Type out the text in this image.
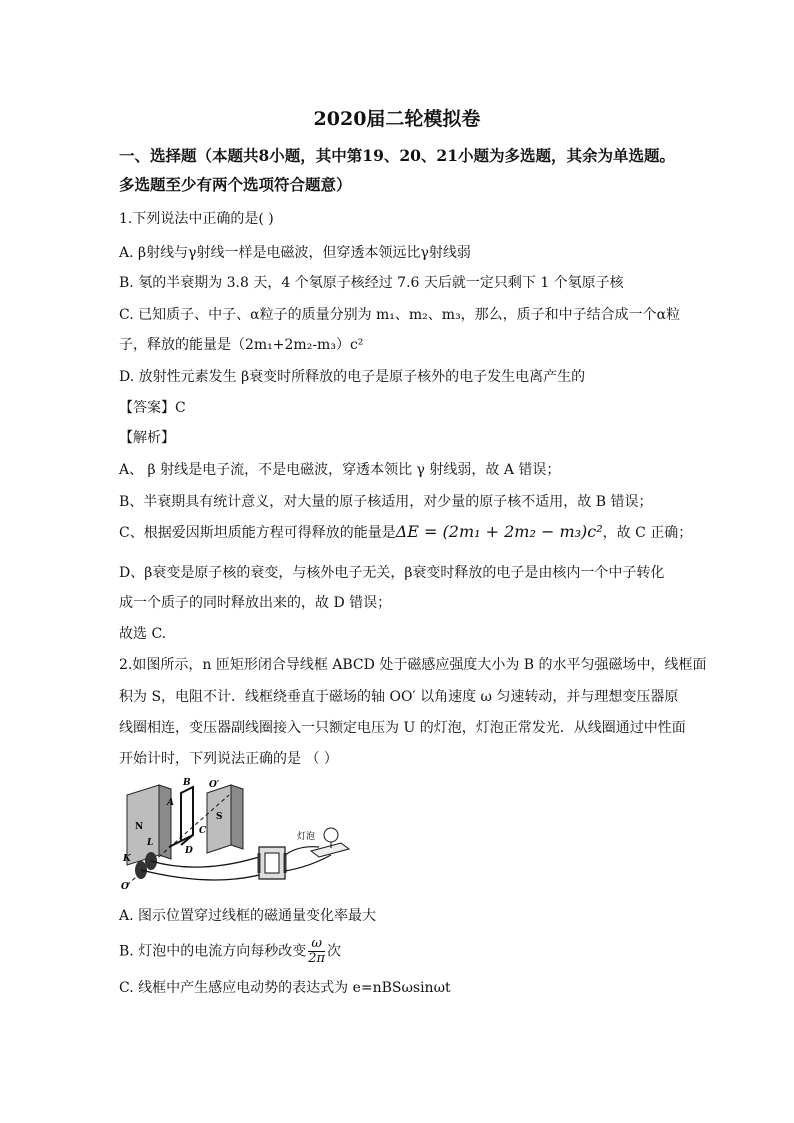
2020届二轮模拟卷
一、选择题（本题共8小题，其中第19、20、21小题为多选题，其余为单选题。多选题至少有两个选项符合题意）
1.下列说法中正确的是( )
A. β射线与γ射线一样是电磁波，但穿透本领远比γ射线弱
B. 氡的半衰期为 3.8 天，4 个氡原子核经过 7.6 天后就一定只剩下 1 个氡原子核
C. 已知质子、中子、α粒子的质量分别为 m₁、m₂、m₃，那么，质子和中子结合成一个α粒
子，释放的能量是（2m₁+2m₂-m₃）c²
D. 放射性元素发生 β衰变时所释放的电子是原子核外的电子发生电离产生的
【答案】C
【解析】
A、 β 射线是电子流，不是电磁波，穿透本领比 γ 射线弱，故 A 错误；
B、半衰期具有统计意义，对大量的原子核适用，对少量的原子核不适用，故 B 错误；
C、根据爱因斯坦质能方程可得释放的能量是ΔE = (2m₁ + 2m₂ − m₃)c²，故 C 正确；
D、β衰变是原子核的衰变，与核外电子无关，β衰变时释放的电子是由核内一个中子转化
成一个质子的同时释放出来的，故 D 错误；
故选 C.
2.如图所示，n 匝矩形闭合导线框 ABCD 处于磁感应强度大小为 B 的水平匀强磁场中，线框面
积为 S，电阻不计．线框绕垂直于磁场的轴 OO′ 以角速度 ω 匀速转动，并与理想变压器原
线圈相连，变压器副线圈接入一只额定电压为 U 的灯泡，灯泡正常发光．从线圈通过中性面
开始计时，下列说法正确的是 （ ）
B
A
O′
N
S
L
C
D
K
O
灯泡
A. 图示位置穿过线框的磁通量变化率最大
B. 灯泡中的电流方向每秒改变 $\frac{\omega}{2\pi}$ 次
C. 线框中产生感应电动势的表达式为 e=nBSωsinωt
